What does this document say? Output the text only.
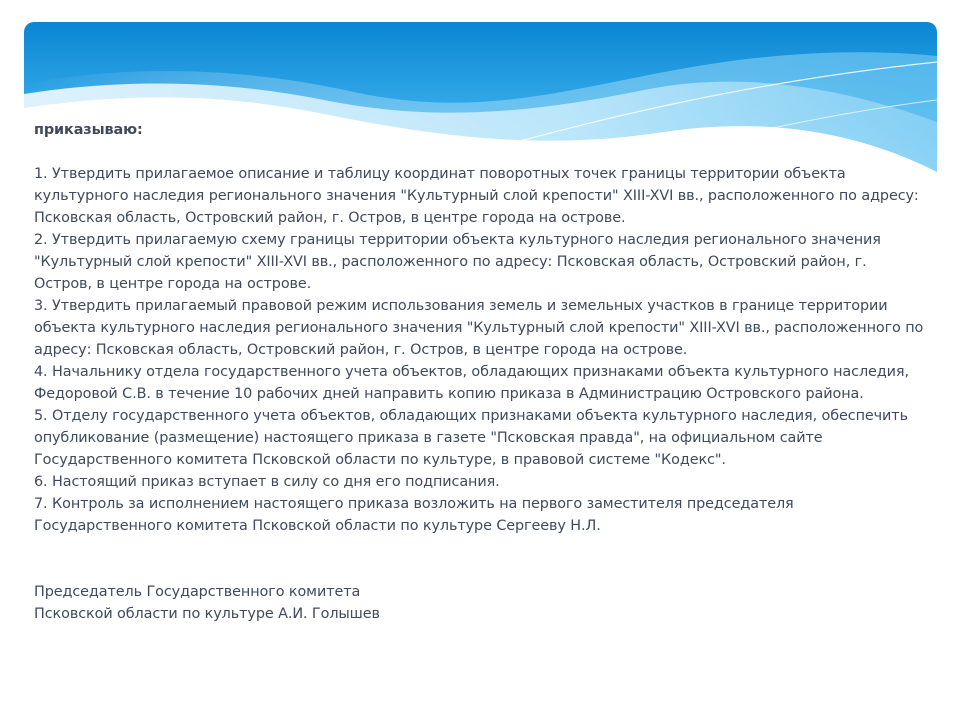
приказываю:

1. Утвердить прилагаемое описание и таблицу координат поворотных точек границы территории объекта культурного наследия регионального значения "Культурный слой крепости" XIII-XVI вв., расположенного по адресу: Псковская область, Островский район, г. Остров, в центре города на острове.

2. Утвердить прилагаемую схему границы территории объекта культурного наследия регионального значения "Культурный слой крепости" XIII-XVI вв., расположенного по адресу: Псковская область, Островский район, г. Остров, в центре города на острове.

3. Утвердить прилагаемый правовой режим использования земель и земельных участков в границе территории объекта культурного наследия регионального значения "Культурный слой крепости" XIII-XVI вв., расположенного по адресу: Псковская область, Островский район, г. Остров, в центре города на острове.

4. Начальнику отдела государственного учета объектов, обладающих признаками объекта культурного наследия, Федоровой С.В. в течение 10 рабочих дней направить копию приказа в Администрацию Островского района.

5. Отделу государственного учета объектов, обладающих признаками объекта культурного наследия, обеспечить опубликование (размещение) настоящего приказа в газете "Псковская правда", на официальном сайте Государственного комитета Псковской области по культуре, в правовой системе "Кодекс".

6. Настоящий приказ вступает в силу со дня его подписания.

7. Контроль за исполнением настоящего приказа возложить на первого заместителя председателя Государственного комитета Псковской области по культуре Сергееву Н.Л.

Председатель Государственного комитета

Псковской области по культуре А.И. Голышев
